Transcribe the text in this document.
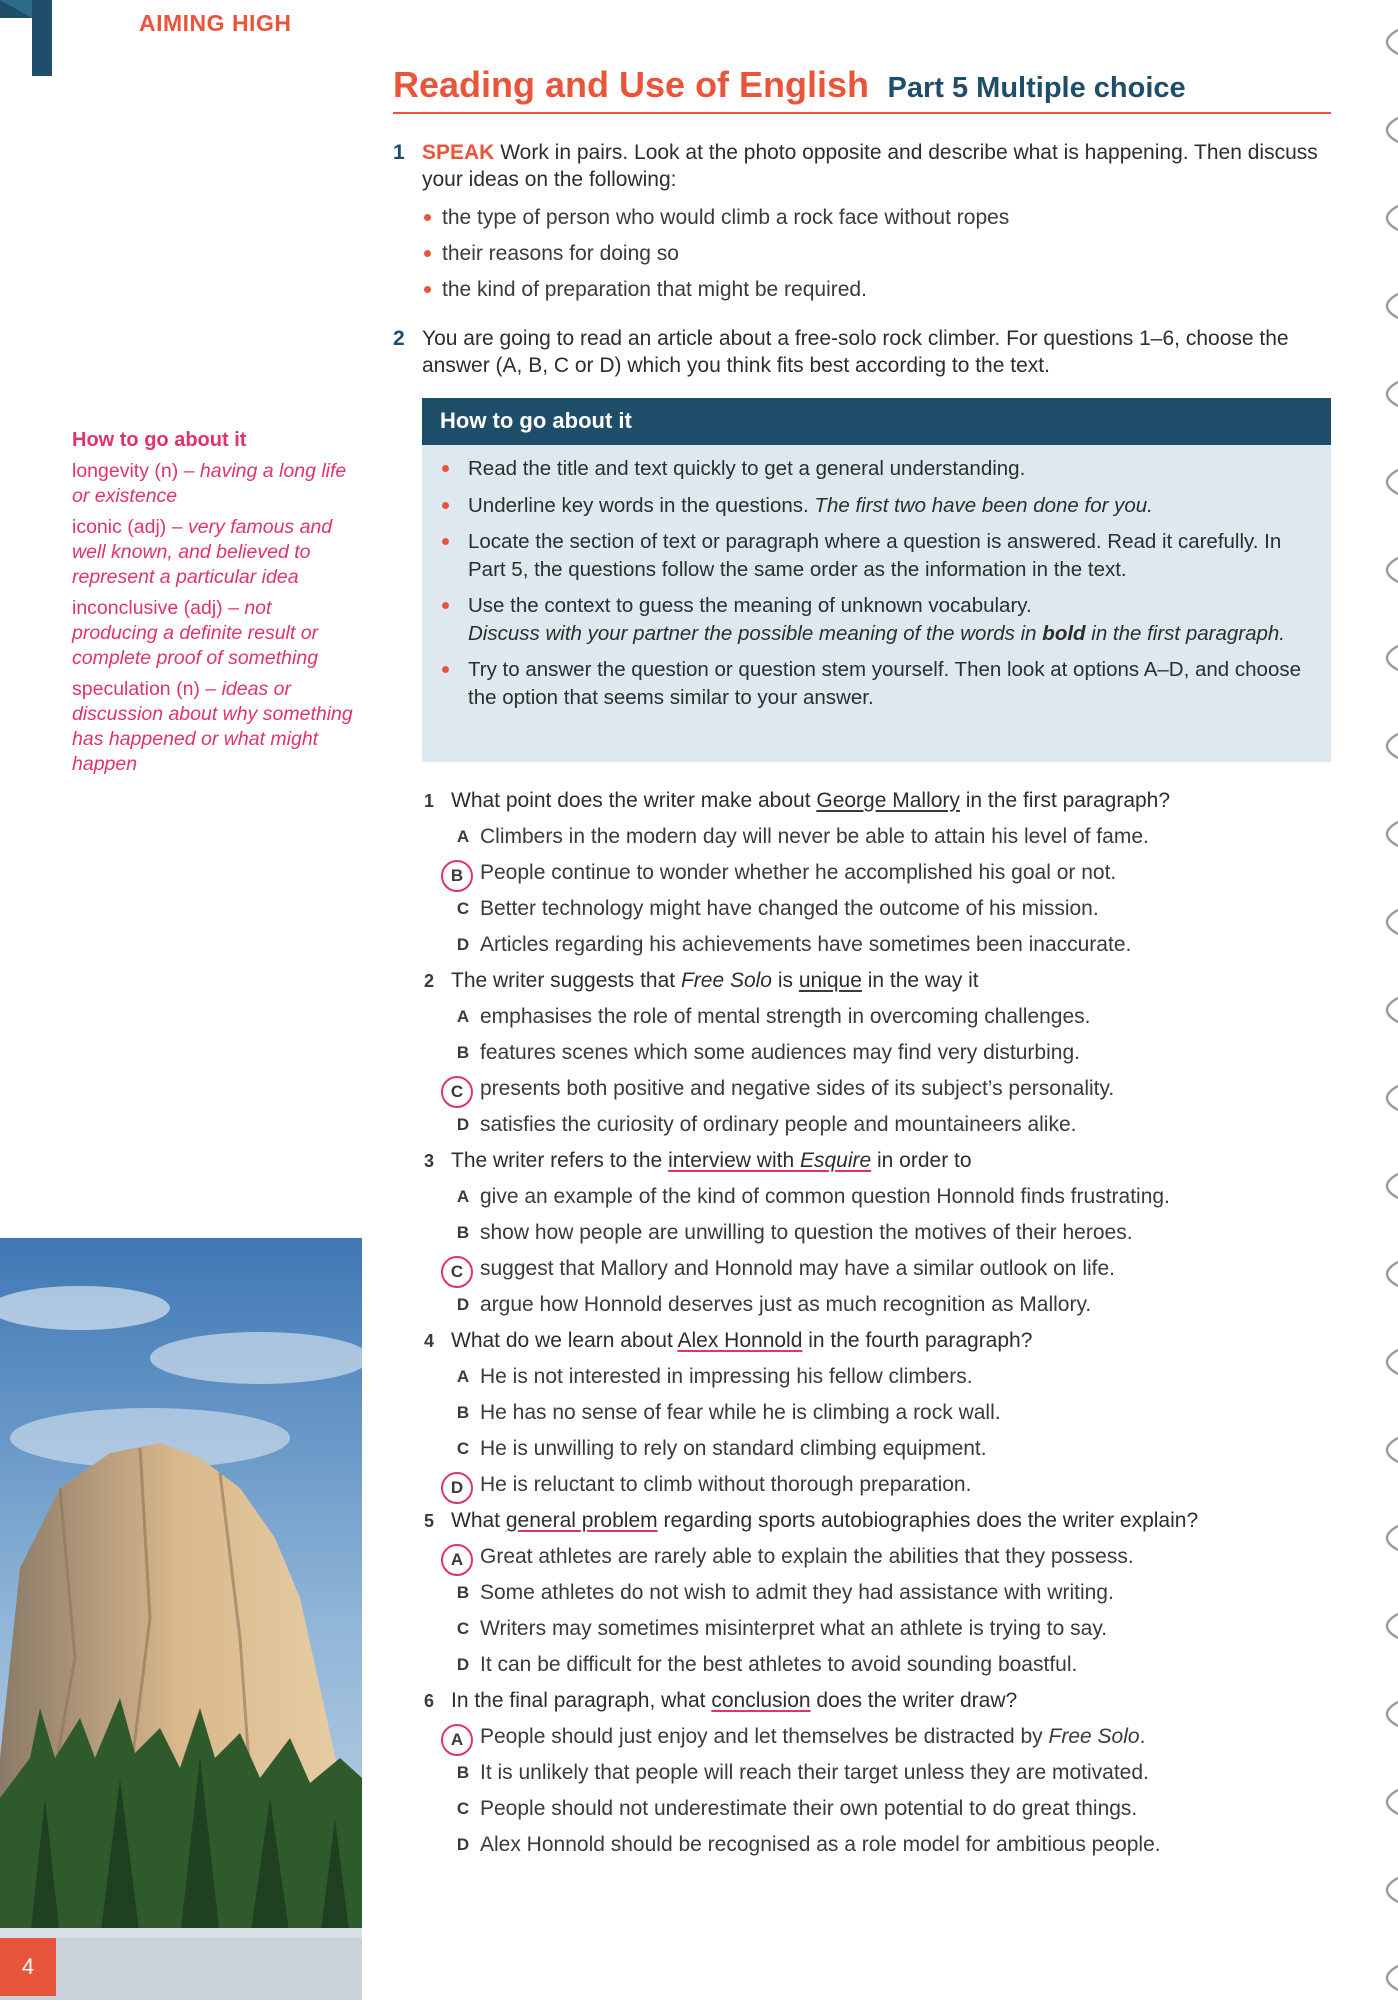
AIMING HIGH
Reading and Use of English Part 5 Multiple choice
1 SPEAK Work in pairs. Look at the photo opposite and describe what is happening. Then discuss your ideas on the following:
the type of person who would climb a rock face without ropes
their reasons for doing so
the kind of preparation that might be required.
2 You are going to read an article about a free-solo rock climber. For questions 1–6, choose the answer (A, B, C or D) which you think fits best according to the text.
How to go about it
Read the title and text quickly to get a general understanding.
Underline key words in the questions. The first two have been done for you.
Locate the section of text or paragraph where a question is answered. Read it carefully. In Part 5, the questions follow the same order as the information in the text.
Use the context to guess the meaning of unknown vocabulary.
Discuss with your partner the possible meaning of the words in bold in the first paragraph.
Try to answer the question or question stem yourself. Then look at options A–D, and choose the option that seems similar to your answer.
How to go about it
longevity (n) – having a long life or existence
iconic (adj) – very famous and well known, and believed to represent a particular idea
inconclusive (adj) – not producing a definite result or complete proof of something
speculation (n) – ideas or discussion about why something has happened or what might happen
1 What point does the writer make about George Mallory in the first paragraph?
A Climbers in the modern day will never be able to attain his level of fame.
B People continue to wonder whether he accomplished his goal or not.
C Better technology might have changed the outcome of his mission.
D Articles regarding his achievements have sometimes been inaccurate.
2 The writer suggests that Free Solo is unique in the way it
A emphasises the role of mental strength in overcoming challenges.
B features scenes which some audiences may find very disturbing.
C presents both positive and negative sides of its subject’s personality.
D satisfies the curiosity of ordinary people and mountaineers alike.
3 The writer refers to the interview with Esquire in order to
A give an example of the kind of common question Honnold finds frustrating.
B show how people are unwilling to question the motives of their heroes.
C suggest that Mallory and Honnold may have a similar outlook on life.
D argue how Honnold deserves just as much recognition as Mallory.
4 What do we learn about Alex Honnold in the fourth paragraph?
A He is not interested in impressing his fellow climbers.
B He has no sense of fear while he is climbing a rock wall.
C He is unwilling to rely on standard climbing equipment.
D He is reluctant to climb without thorough preparation.
5 What general problem regarding sports autobiographies does the writer explain?
A Great athletes are rarely able to explain the abilities that they possess.
B Some athletes do not wish to admit they had assistance with writing.
C Writers may sometimes misinterpret what an athlete is trying to say.
D It can be difficult for the best athletes to avoid sounding boastful.
6 In the final paragraph, what conclusion does the writer draw?
A People should just enjoy and let themselves be distracted by Free Solo.
B It is unlikely that people will reach their target unless they are motivated.
C People should not underestimate their own potential to do great things.
D Alex Honnold should be recognised as a role model for ambitious people.
4
